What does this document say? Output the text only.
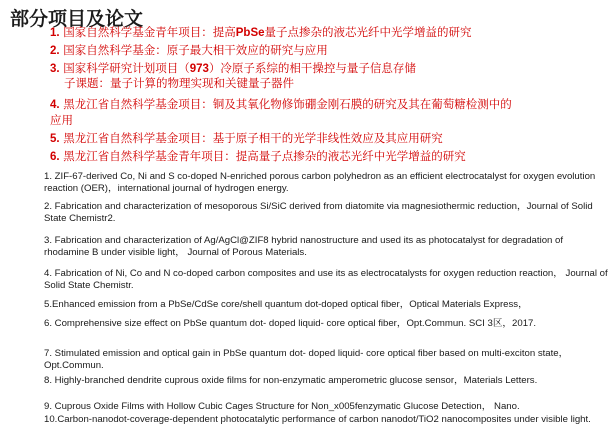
部分项目及论文
1. 国家自然科学基金青年项目：提高PbSe量子点掺杂的液芯光纤中光学增益的研究
2. 国家自然科学基金：原子最大相干效应的研究与应用
3. 国家科学研究计划项目（973）冷原子系综的相干操控与量子信息存储
子课题：量子计算的物理实现和关键量子器件
4. 黑龙江省自然科学基金项目：铜及其氧化物修饰硼金刚石膜的研究及其在葡萄糖检测中的
应用
5. 黑龙江省自然科学基金项目：基于原子相干的光学非线性效应及其应用研究
6. 黑龙江省自然科学基金青年项目：提高量子点掺杂的液芯光纤中光学增益的研究
1. ZIF-67-derived Co, Ni and S co-doped N-enriched porous carbon polyhedron as an efficient electrocatalyst for oxygen evolution reaction (OER)，international journal of hydrogen energy.
2. Fabrication and characterization of mesoporous Si/SiC derived from diatomite via magnesiothermic reduction，Journal of Solid State Chemistr2.
3. Fabrication and characterization of Ag/AgCl@ZIF8 hybrid nanostructure and used its as photocatalyst for degradation of rhodamine B under visible light， Journal of Porous Materials.
4. Fabrication of Ni, Co and N co-doped carbon composites and use its as electrocatalysts for oxygen reduction reaction， Journal of Solid State Chemistr.
5.Enhanced emission from a PbSe/CdSe core/shell quantum dot-doped optical fiber，Optical Materials Express，
6. Comprehensive size effect on PbSe quantum dot- doped liquid- core optical fiber，Opt.Commun. SCI 3区，2017.
7. Stimulated emission and optical gain in PbSe quantum dot- doped liquid- core optical fiber based on multi-exciton state，Opt.Commun.
8. Highly-branched dendrite cuprous oxide films for non-enzymatic amperometric glucose sensor，Materials Letters.
9. Cuprous Oxide Films with Hollow Cubic Cages Structure for Non_x005fenzymatic Glucose Detection， Nano.
10.Carbon-nanodot-coverage-dependent photocatalytic performance of carbon nanodot/TiO2 nanocomposites under visible light.
